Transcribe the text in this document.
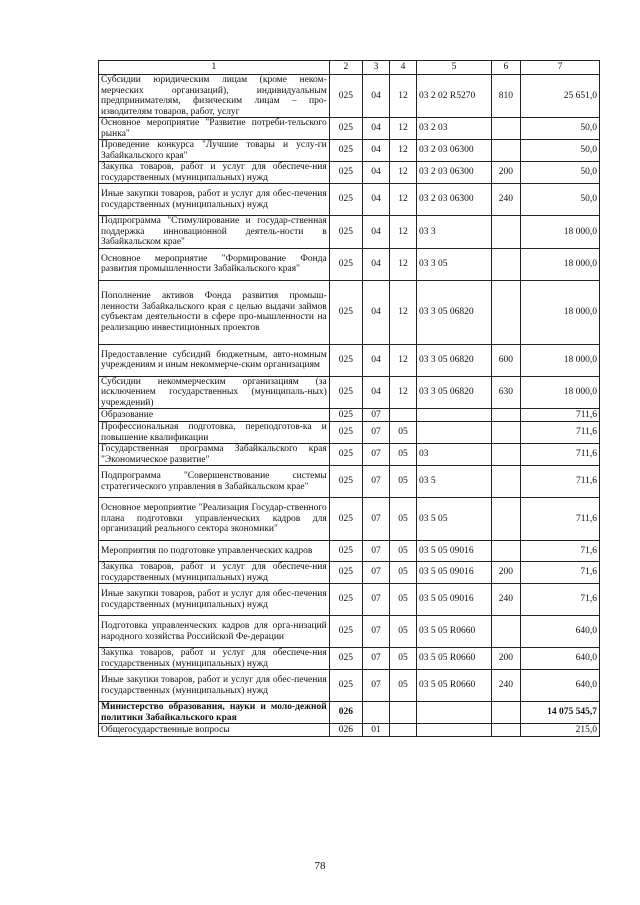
1	2	3	4	5	6	7
Субсидии юридическим лицам (кроме неком-мерческих организаций), индивидуальным предпринимателям, физическим лицам – про-изводителям товаров, работ, услуг	025	04	12	03 2 02 R5270	810	25 651,0
Основное мероприятие "Развитие потреби-тельского рынка"	025	04	12	03 2 03		50,0
Проведение конкурса "Лучшие товары и услу-ги Забайкальского края"	025	04	12	03 2 03 06300		50,0
Закупка товаров, работ и услуг для обеспече-ния государственных (муниципальных) нужд	025	04	12	03 2 03 06300	200	50,0
Иные закупки товаров, работ и услуг для обес-печения государственных (муниципальных) нужд	025	04	12	03 2 03 06300	240	50,0
Подпрограмма "Стимулирование и государ-ственная поддержка инновационной деятель-ности в Забайкальском крае"	025	04	12	03 3		18 000,0
Основное мероприятие "Формирование Фонда развития промышленности Забайкальского края"	025	04	12	03 3 05		18 000,0
Пополнение активов Фонда развития промыш-ленности Забайкальского края с целью выдачи займов субъектам деятельности в сфере про-мышленности на реализацию инвестиционных проектов	025	04	12	03 3 05 06820		18 000,0
Предоставление субсидий бюджетным, авто-номным учреждениям и иным некоммерче-ским организациям	025	04	12	03 3 05 06820	600	18 000,0
Субсидии некоммерческим организациям (за исключением государственных (муниципаль-ных) учреждений)	025	04	12	03 3 05 06820	630	18 000,0
Образование	025	07				711,6
Профессиональная подготовка, переподготов-ка и повышение квалификации	025	07	05			711,6
Государственная программа Забайкальского края "Экономическое развитие"	025	07	05	03		711,6
Подпрограмма "Совершенствование системы стратегического управления в Забайкальском крае"	025	07	05	03 5		711,6
Основное мероприятие "Реализация Государ-ственного плана подготовки управленческих кадров для организаций реального сектора экономики"	025	07	05	03 5 05		711,6
Мероприятия по подготовке управленческих кадров	025	07	05	03 5 05 09016		71,6
Закупка товаров, работ и услуг для обеспече-ния государственных (муниципальных) нужд	025	07	05	03 5 05 09016	200	71,6
Иные закупки товаров, работ и услуг для обес-печения государственных (муниципальных) нужд	025	07	05	03 5 05 09016	240	71,6
Подготовка управленческих кадров для орга-низаций народного хозяйства Российской Фе-дерации	025	07	05	03 5 05 R0660		640,0
Закупка товаров, работ и услуг для обеспече-ния государственных (муниципальных) нужд	025	07	05	03 5 05 R0660	200	640,0
Иные закупки товаров, работ и услуг для обес-печения государственных (муниципальных) нужд	025	07	05	03 5 05 R0660	240	640,0
Министерство образования, науки и моло-дежной политики Забайкальского края	026					14 075 545,7
Общегосударственные вопросы	026	01				215,0
78
